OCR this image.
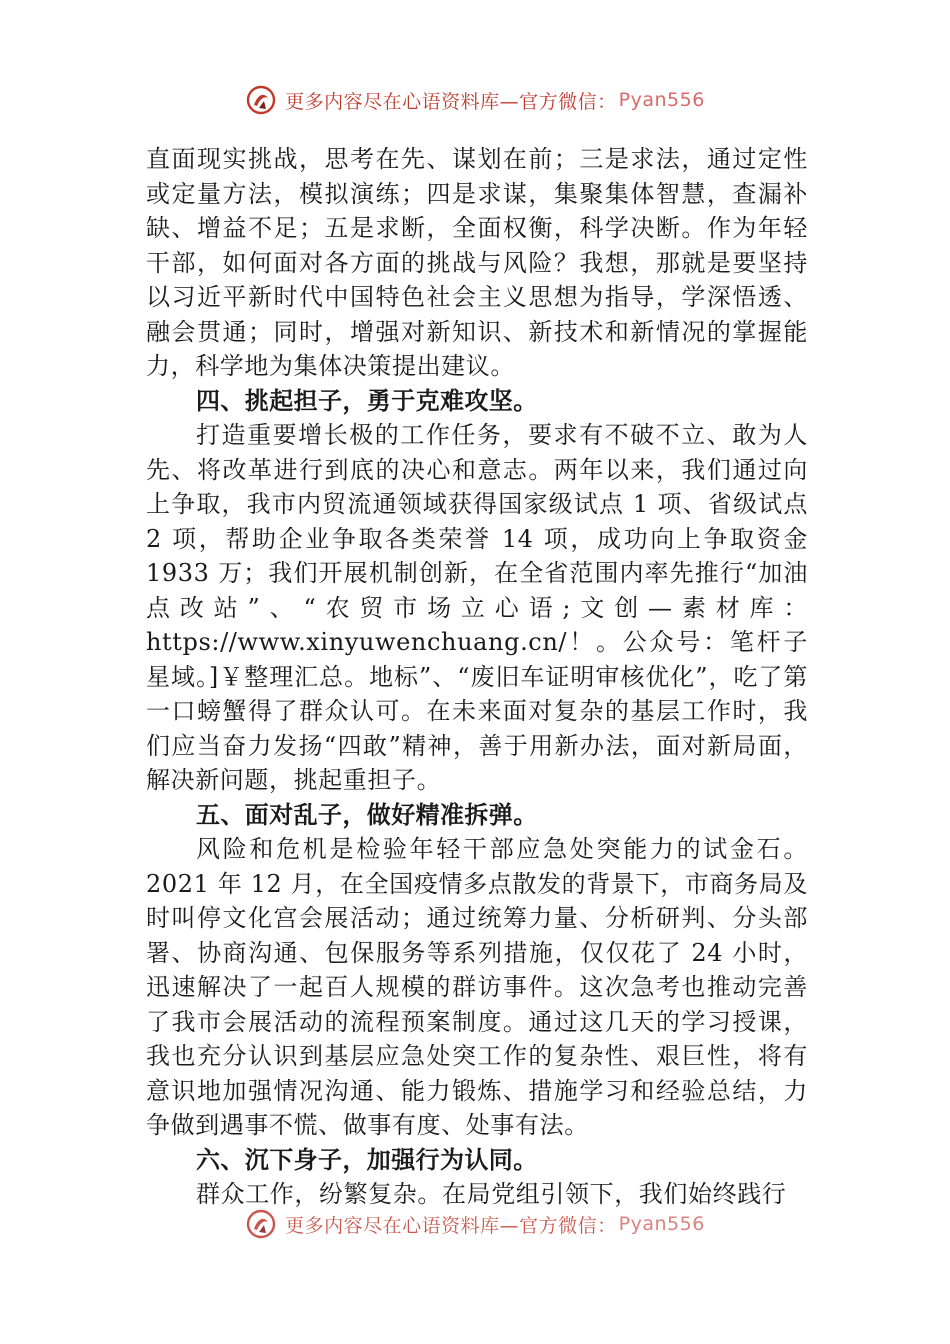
更多内容尽在心语资料库—官方微信： Pyan556

直面现实挑战，思考在先、谋划在前；三是求法，通过定性或定量方法，模拟演练；四是求谋，集聚集体智慧，查漏补缺、增益不足；五是求断，全面权衡，科学决断。作为年轻干部，如何面对各方面的挑战与风险？我想，那就是要坚持以习近平新时代中国特色社会主义思想为指导，学深悟透、融会贯通；同时，增强对新知识、新技术和新情况的掌握能力，科学地为集体决策提出建议。

四、挑起担子，勇于克难攻坚。

打造重要增长极的工作任务，要求有不破不立、敢为人先、将改革进行到底的决心和意志。两年以来，我们通过向上争取，我市内贸流通领域获得国家级试点 1 项、省级试点 2 项，帮助企业争取各类荣誉 14 项，成功向上争取资金 1933 万；我们开展机制创新，在全省范围内率先推行“加油点改站”、“农贸市场立心语;文创—素材库：https://www.xinyuwenchuang.cn/！。公众号：笔杆子星域。]￥整理汇总。地标”、“废旧车证明审核优化”，吃了第一口螃蟹得了群众认可。在未来面对复杂的基层工作时，我们应当奋力发扬“四敢”精神，善于用新办法，面对新局面，解决新问题，挑起重担子。

五、面对乱子，做好精准拆弹。

风险和危机是检验年轻干部应急处突能力的试金石。2021 年 12 月，在全国疫情多点散发的背景下，市商务局及时叫停文化宫会展活动；通过统筹力量、分析研判、分头部署、协商沟通、包保服务等系列措施，仅仅花了 24 小时，迅速解决了一起百人规模的群访事件。这次急考也推动完善了我市会展活动的流程预案制度。通过这几天的学习授课，我也充分认识到基层应急处突工作的复杂性、艰巨性，将有意识地加强情况沟通、能力锻炼、措施学习和经验总结，力争做到遇事不慌、做事有度、处事有法。

六、沉下身子，加强行为认同。

群众工作，纷繁复杂。在局党组引领下，我们始终践行

更多内容尽在心语资料库—官方微信： Pyan556
